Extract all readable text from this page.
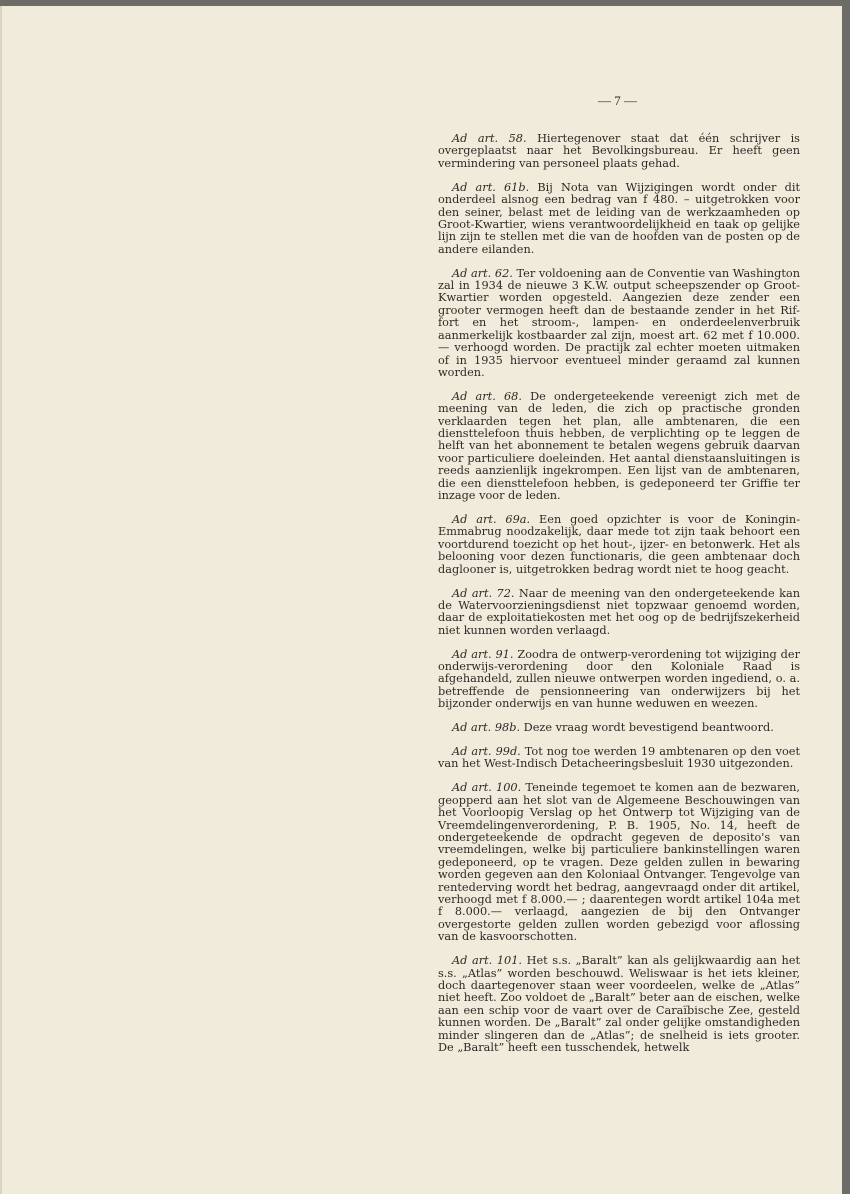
— 7 —

Ad art. 58. Hiertegenover staat dat één schrijver is overgeplaatst naar het Bevolkingsbureau. Er heeft geen vermindering van personeel plaats gehad.

Ad art. 61b. Bij Nota van Wijzigingen wordt onder dit onderdeel alsnog een bedrag van f 480. – uitgetrokken voor den seiner, belast met de leiding van de werkzaamheden op Groot-Kwartier, wiens verantwoordelijkheid en taak op gelijke lijn zijn te stellen met die van de hoofden van de posten op de andere eilanden.

Ad art. 62. Ter voldoening aan de Conventie van Washington zal in 1934 de nieuwe 3 K.W. output scheepszender op Groot-Kwartier worden opgesteld. Aangezien deze zender een grooter vermogen heeft dan de bestaande zender in het Rif-fort en het stroom-, lampen- en onderdeelenverbruik aanmerkelijk kostbaarder zal zijn, moest art. 62 met f 10.000.— verhoogd worden. De practijk zal echter moeten uitmaken of in 1935 hiervoor eventueel minder geraamd zal kunnen worden.

Ad art. 68. De ondergeteekende vereenigt zich met de meening van de leden, die zich op practische gronden verklaarden tegen het plan, alle ambtenaren, die een diensttelefoon thuis hebben, de verplichting op te leggen de helft van het abonnement te betalen wegens gebruik daarvan voor particuliere doeleinden. Het aantal dienstaansluitingen is reeds aanzienlijk ingekrompen. Een lijst van de ambtenaren, die een diensttelefoon hebben, is gedeponeerd ter Griffie ter inzage voor de leden.

Ad art. 69a. Een goed opzichter is voor de Koningin-Emmabrug noodzakelijk, daar mede tot zijn taak behoort een voortdurend toezicht op het hout-, ijzer- en betonwerk. Het als belooning voor dezen functionaris, die geen ambtenaar doch daglooner is, uitgetrokken bedrag wordt niet te hoog geacht.

Ad art. 72. Naar de meening van den ondergeteekende kan de Watervoorzieningsdienst niet topzwaar genoemd worden, daar de exploitatiekosten met het oog op de bedrijfszekerheid niet kunnen worden verlaagd.

Ad art. 91. Zoodra de ontwerp-verordening tot wijziging der onderwijs-verordening door den Koloniale Raad is afgehandeld, zullen nieuwe ontwerpen worden ingediend, o. a. betreffende de pensionneering van onderwijzers bij het bijzonder onderwijs en van hunne weduwen en weezen.

Ad art. 98b. Deze vraag wordt bevestigend beantwoord.

Ad art. 99d. Tot nog toe werden 19 ambtenaren op den voet van het West-Indisch Detacheeringsbesluit 1930 uitgezonden.

Ad art. 100. Teneinde tegemoet te komen aan de bezwaren, geopperd aan het slot van de Algemeene Beschouwingen van het Voorloopig Verslag op het Ontwerp tot Wijziging van de Vreemdelingenverordening, P. B. 1905, No. 14, heeft de ondergeteekende de opdracht gegeven de deposito's van vreemdelingen, welke bij particuliere bankinstellingen waren gedeponeerd, op te vragen. Deze gelden zullen in bewaring worden gegeven aan den Koloniaal Ontvanger. Tengevolge van rentederving wordt het bedrag, aangevraagd onder dit artikel, verhoogd met f 8.000.— ; daarentegen wordt artikel 104a met f 8.000.— verlaagd, aangezien de bij den Ontvanger overgestorte gelden zullen worden gebezigd voor aflossing van de kasvoorschotten.

Ad art. 101. Het s.s. „Baralt” kan als gelijkwaardig aan het s.s. „Atlas” worden beschouwd. Weliswaar is het iets kleiner, doch daartegenover staan weer voordeelen, welke de „Atlas” niet heeft. Zoo voldoet de „Baralt” beter aan de eischen, welke aan een schip voor de vaart over de Caraïbische Zee, gesteld kunnen worden. De „Baralt” zal onder gelijke omstandigheden minder slingeren dan de „Atlas”; de snelheid is iets grooter. De „Baralt” heeft een tusschendek, hetwelk
